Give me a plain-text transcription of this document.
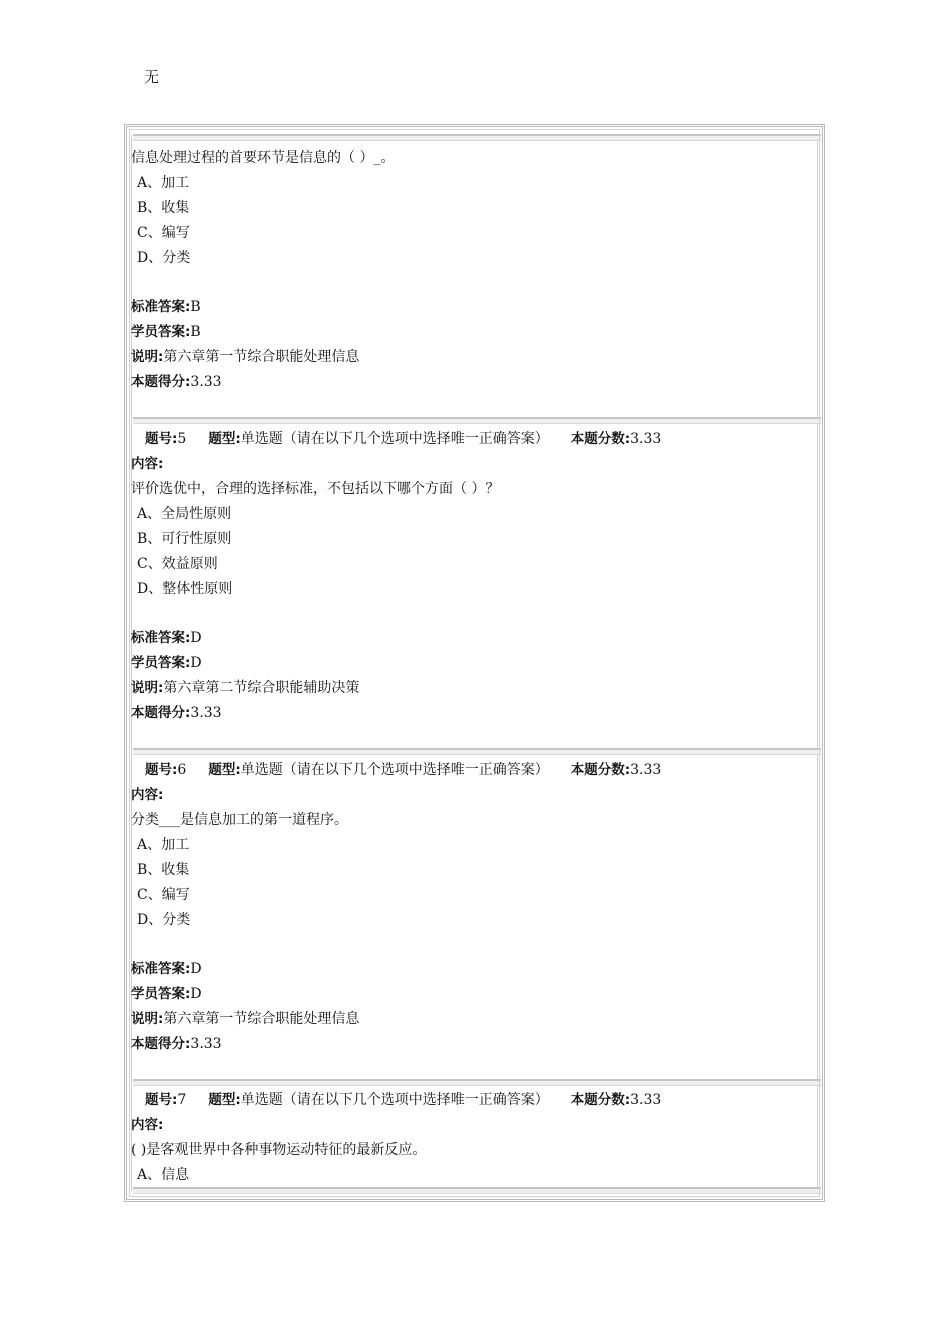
无
信息处理过程的首要环节是信息的（ ）_。
A、加工
B、收集
C、编写
D、分类
标准答案:B
学员答案:B
说明:第六章第一节综合职能处理信息
本题得分:3.33
题号:5 题型:单选题（请在以下几个选项中选择唯一正确答案） 本题分数:3.33
内容:
评价选优中，合理的选择标准，不包括以下哪个方面（ ）？
A、全局性原则
B、可行性原则
C、效益原则
D、整体性原则
标准答案:D
学员答案:D
说明:第六章第二节综合职能辅助决策
本题得分:3.33
题号:6 题型:单选题（请在以下几个选项中选择唯一正确答案） 本题分数:3.33
内容:
分类___是信息加工的第一道程序。
A、加工
B、收集
C、编写
D、分类
标准答案:D
学员答案:D
说明:第六章第一节综合职能处理信息
本题得分:3.33
题号:7 题型:单选题（请在以下几个选项中选择唯一正确答案） 本题分数:3.33
内容:
( )是客观世界中各种事物运动特征的最新反应。
A、信息
